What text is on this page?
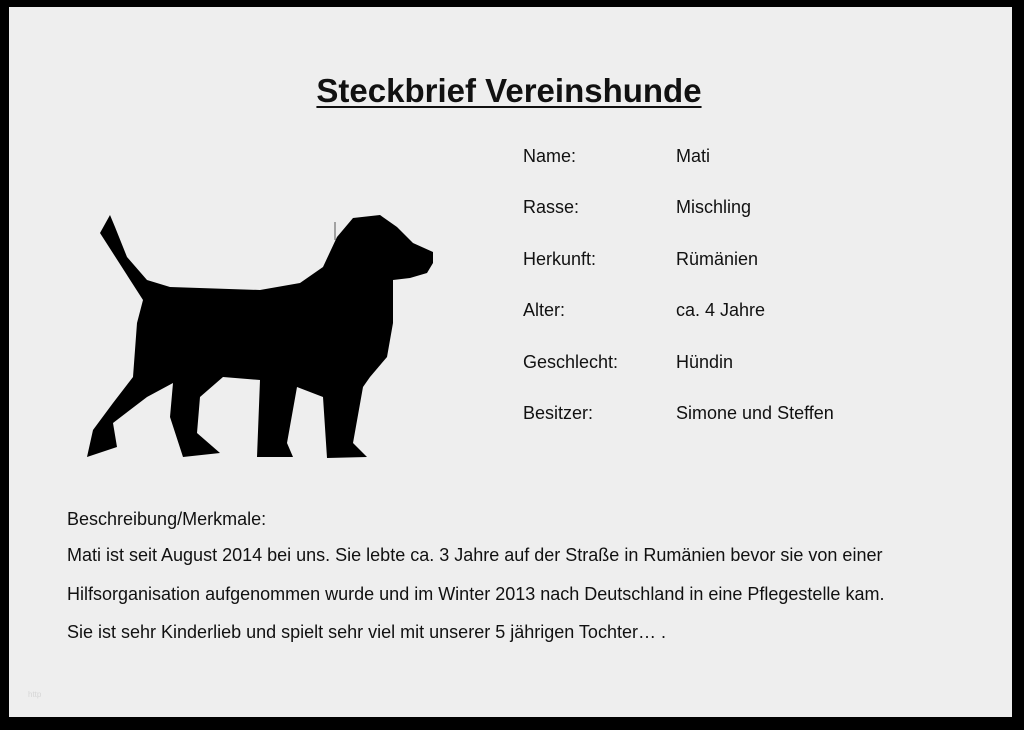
Steckbrief Vereinshunde
Name:	Mati
Rasse:	Mischling
Herkunft:	Rümänien
Alter:	ca. 4 Jahre
Geschlecht:	Hündin
Besitzer:	Simone und Steffen
Beschreibung/Merkmale:
Mati ist seit August 2014 bei uns. Sie lebte ca. 3 Jahre auf der Straße in Rumänien bevor sie von einer
Hilfsorganisation aufgenommen wurde und im Winter 2013 nach Deutschland in eine Pflegestelle kam.
Sie ist sehr Kinderlieb und spielt sehr viel mit unserer 5 jährigen Tochter… .
http
